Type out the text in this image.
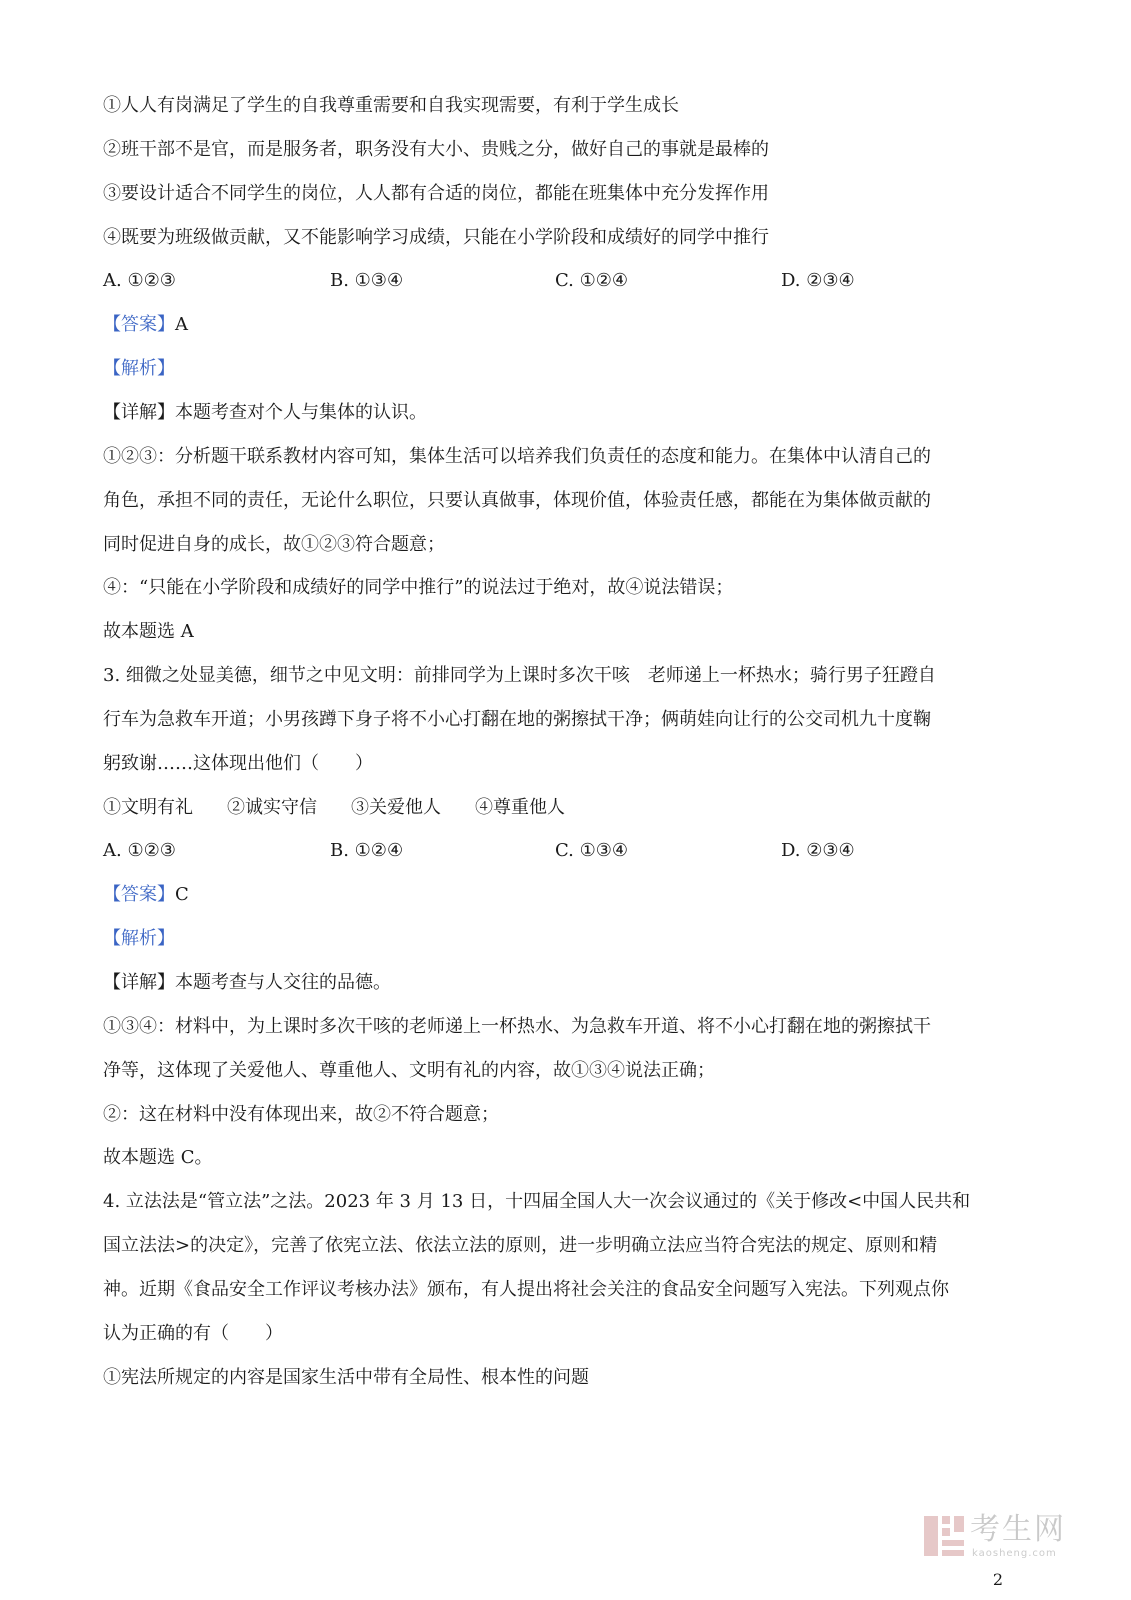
①人人有岗满足了学生的自我尊重需要和自我实现需要，有利于学生成长
②班干部不是官，而是服务者，职务没有大小、贵贱之分，做好自己的事就是最棒的
③要设计适合不同学生的岗位，人人都有合适的岗位，都能在班集体中充分发挥作用
④既要为班级做贡献，又不能影响学习成绩，只能在小学阶段和成绩好的同学中推行
A. ①②③	B. ①③④	C. ①②④	D. ②③④
【答案】A
【解析】
【详解】本题考查对个人与集体的认识。
①②③：分析题干联系教材内容可知，集体生活可以培养我们负责任的态度和能力。在集体中认清自己的
角色，承担不同的责任，无论什么职位，只要认真做事，体现价值，体验责任感，都能在为集体做贡献的
同时促进自身的成长，故①②③符合题意；
④：“只能在小学阶段和成绩好的同学中推行”的说法过于绝对，故④说法错误；
故本题选 A
3. 细微之处显美德，细节之中见文明：前排同学为上课时多次干咳　老师递上一杯热水；骑行男子狂蹬自
行车为急救车开道；小男孩蹲下身子将不小心打翻在地的粥擦拭干净；俩萌娃向让行的公交司机九十度鞠
躬致谢……这体现出他们（　　）
①文明有礼 ②诚实守信 ③关爱他人 ④尊重他人
A. ①②③	B. ①②④	C. ①③④	D. ②③④
【答案】C
【解析】
【详解】本题考查与人交往的品德。
①③④：材料中，为上课时多次干咳的老师递上一杯热水、为急救车开道、将不小心打翻在地的粥擦拭干
净等，这体现了关爱他人、尊重他人、文明有礼的内容，故①③④说法正确；
②：这在材料中没有体现出来，故②不符合题意；
故本题选 C。
4. 立法法是“管立法”之法。2023 年 3 月 13 日，十四届全国人大一次会议通过的《关于修改<中国人民共和
国立法法>的决定》，完善了依宪立法、依法立法的原则，进一步明确立法应当符合宪法的规定、原则和精
神。近期《食品安全工作评议考核办法》颁布，有人提出将社会关注的食品安全问题写入宪法。下列观点你
认为正确的有（　　）
①宪法所规定的内容是国家生活中带有全局性、根本性的问题
2
考生网
kaosheng.com
